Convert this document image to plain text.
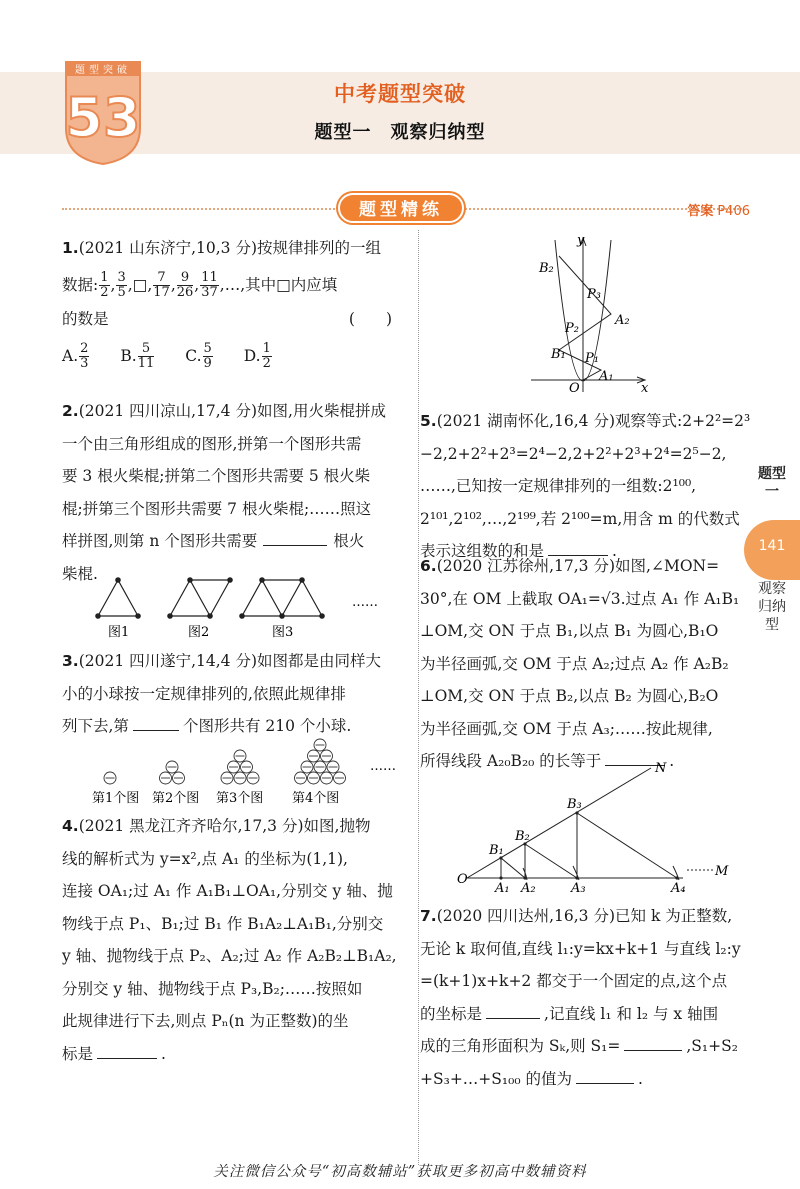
题型突破
53	中考题型突破
题型一　观察归纳型
题型精练	答案 P406
1.(2021 山东济宁,10,3 分)按规律排列的一组
数据: $\frac{1}{2}$ , $\frac{3}{5}$ ,□, $\frac{7}{17}$ , $\frac{9}{26}$ , $\frac{11}{37}$ ,…,其中□内应填
的数是	(　　)
A. $\frac{2}{3} B$. $\frac{5}{11} C$. $\frac{5}{9} D$. $\frac{1}{2}$
2.(2021 四川凉山,17,4 分)如图,用火柴棍拼成
一个由三角形组成的图形,拼第一个图形共需
要 3 根火柴棍;拼第二个图形共需要 5 根火柴
棍;拼第三个图形共需要 7 根火柴棍;……照这
样拼图,则第 n 个图形共需要	根火
柴棍.
图1	图2	图3
……
3.(2021 四川遂宁,14,4 分)如图都是由同样大
小的小球按一定规律排列的,依照此规律排
列下去,第	个图形共有 210 个小球.
第1个图 第2个图 第3个图 第4个图
……
4.(2021 黑龙江齐齐哈尔,17,3 分)如图,抛物
线的解析式为 y=x²,点 A₁ 的坐标为(1,1),
连接 OA₁;过 A₁ 作 A₁B₁⊥OA₁,分别交 y 轴、抛
物线于点 P₁、B₁;过 B₁ 作 B₁A₂⊥A₁B₁,分别交
y 轴、抛物线于点 P₂、A₂;过 A₂ 作 A₂B₂⊥B₁A₂,
分别交 y 轴、抛物线于点 P₃,B₂;……按照如
此规律进行下去,则点 Pₙ(n 为正整数)的坐
标是	.
y
B₂
P₃
A₂
P₂
B₁ P₁
A₁
O	x
5.(2021 湖南怀化,16,4 分)观察等式:2+2²=2³
−2,2+2²+2³=2⁴−2,2+2²+2³+2⁴=2⁵−2,
……,已知按一定规律排列的一组数:2¹⁰⁰,
2¹⁰¹,2¹⁰²,…,2¹⁹⁹,若 2¹⁰⁰=m,用含 m 的代数式
表示这组数的和是	.
6.(2020 江苏徐州,17,3 分)如图,∠MON=
30°,在 OM 上截取 OA₁=√3.过点 A₁ 作 A₁B₁
⊥OM,交 ON 于点 B₁,以点 B₁ 为圆心,B₁O
为半径画弧,交 OM 于点 A₂;过点 A₂ 作 A₂B₂
⊥OM,交 ON 于点 B₂,以点 B₂ 为圆心,B₂O
为半径画弧,交 OM 于点 A₃;……按此规律,
所得线段 A₂₀B₂₀ 的长等于	.
N
B₃
B₂
B₁
O
A₁ A₂	A₃	A₄
M
7.(2020 四川达州,16,3 分)已知 k 为正整数,
无论 k 取何值,直线 l₁:y=kx+k+1 与直线 l₂:y
=(k+1)x+k+2 都交于一个固定的点,这个点
的坐标是	,记直线 l₁ 和 l₂ 与 x 轴围
成的三角形面积为 Sₖ,则 S₁=	,S₁+S₂
+S₃+…+S₁₀₀ 的值为	.
题型一
141
观察归纳型
关注微信公众号“初高数辅站”获取更多初高中数辅资料
